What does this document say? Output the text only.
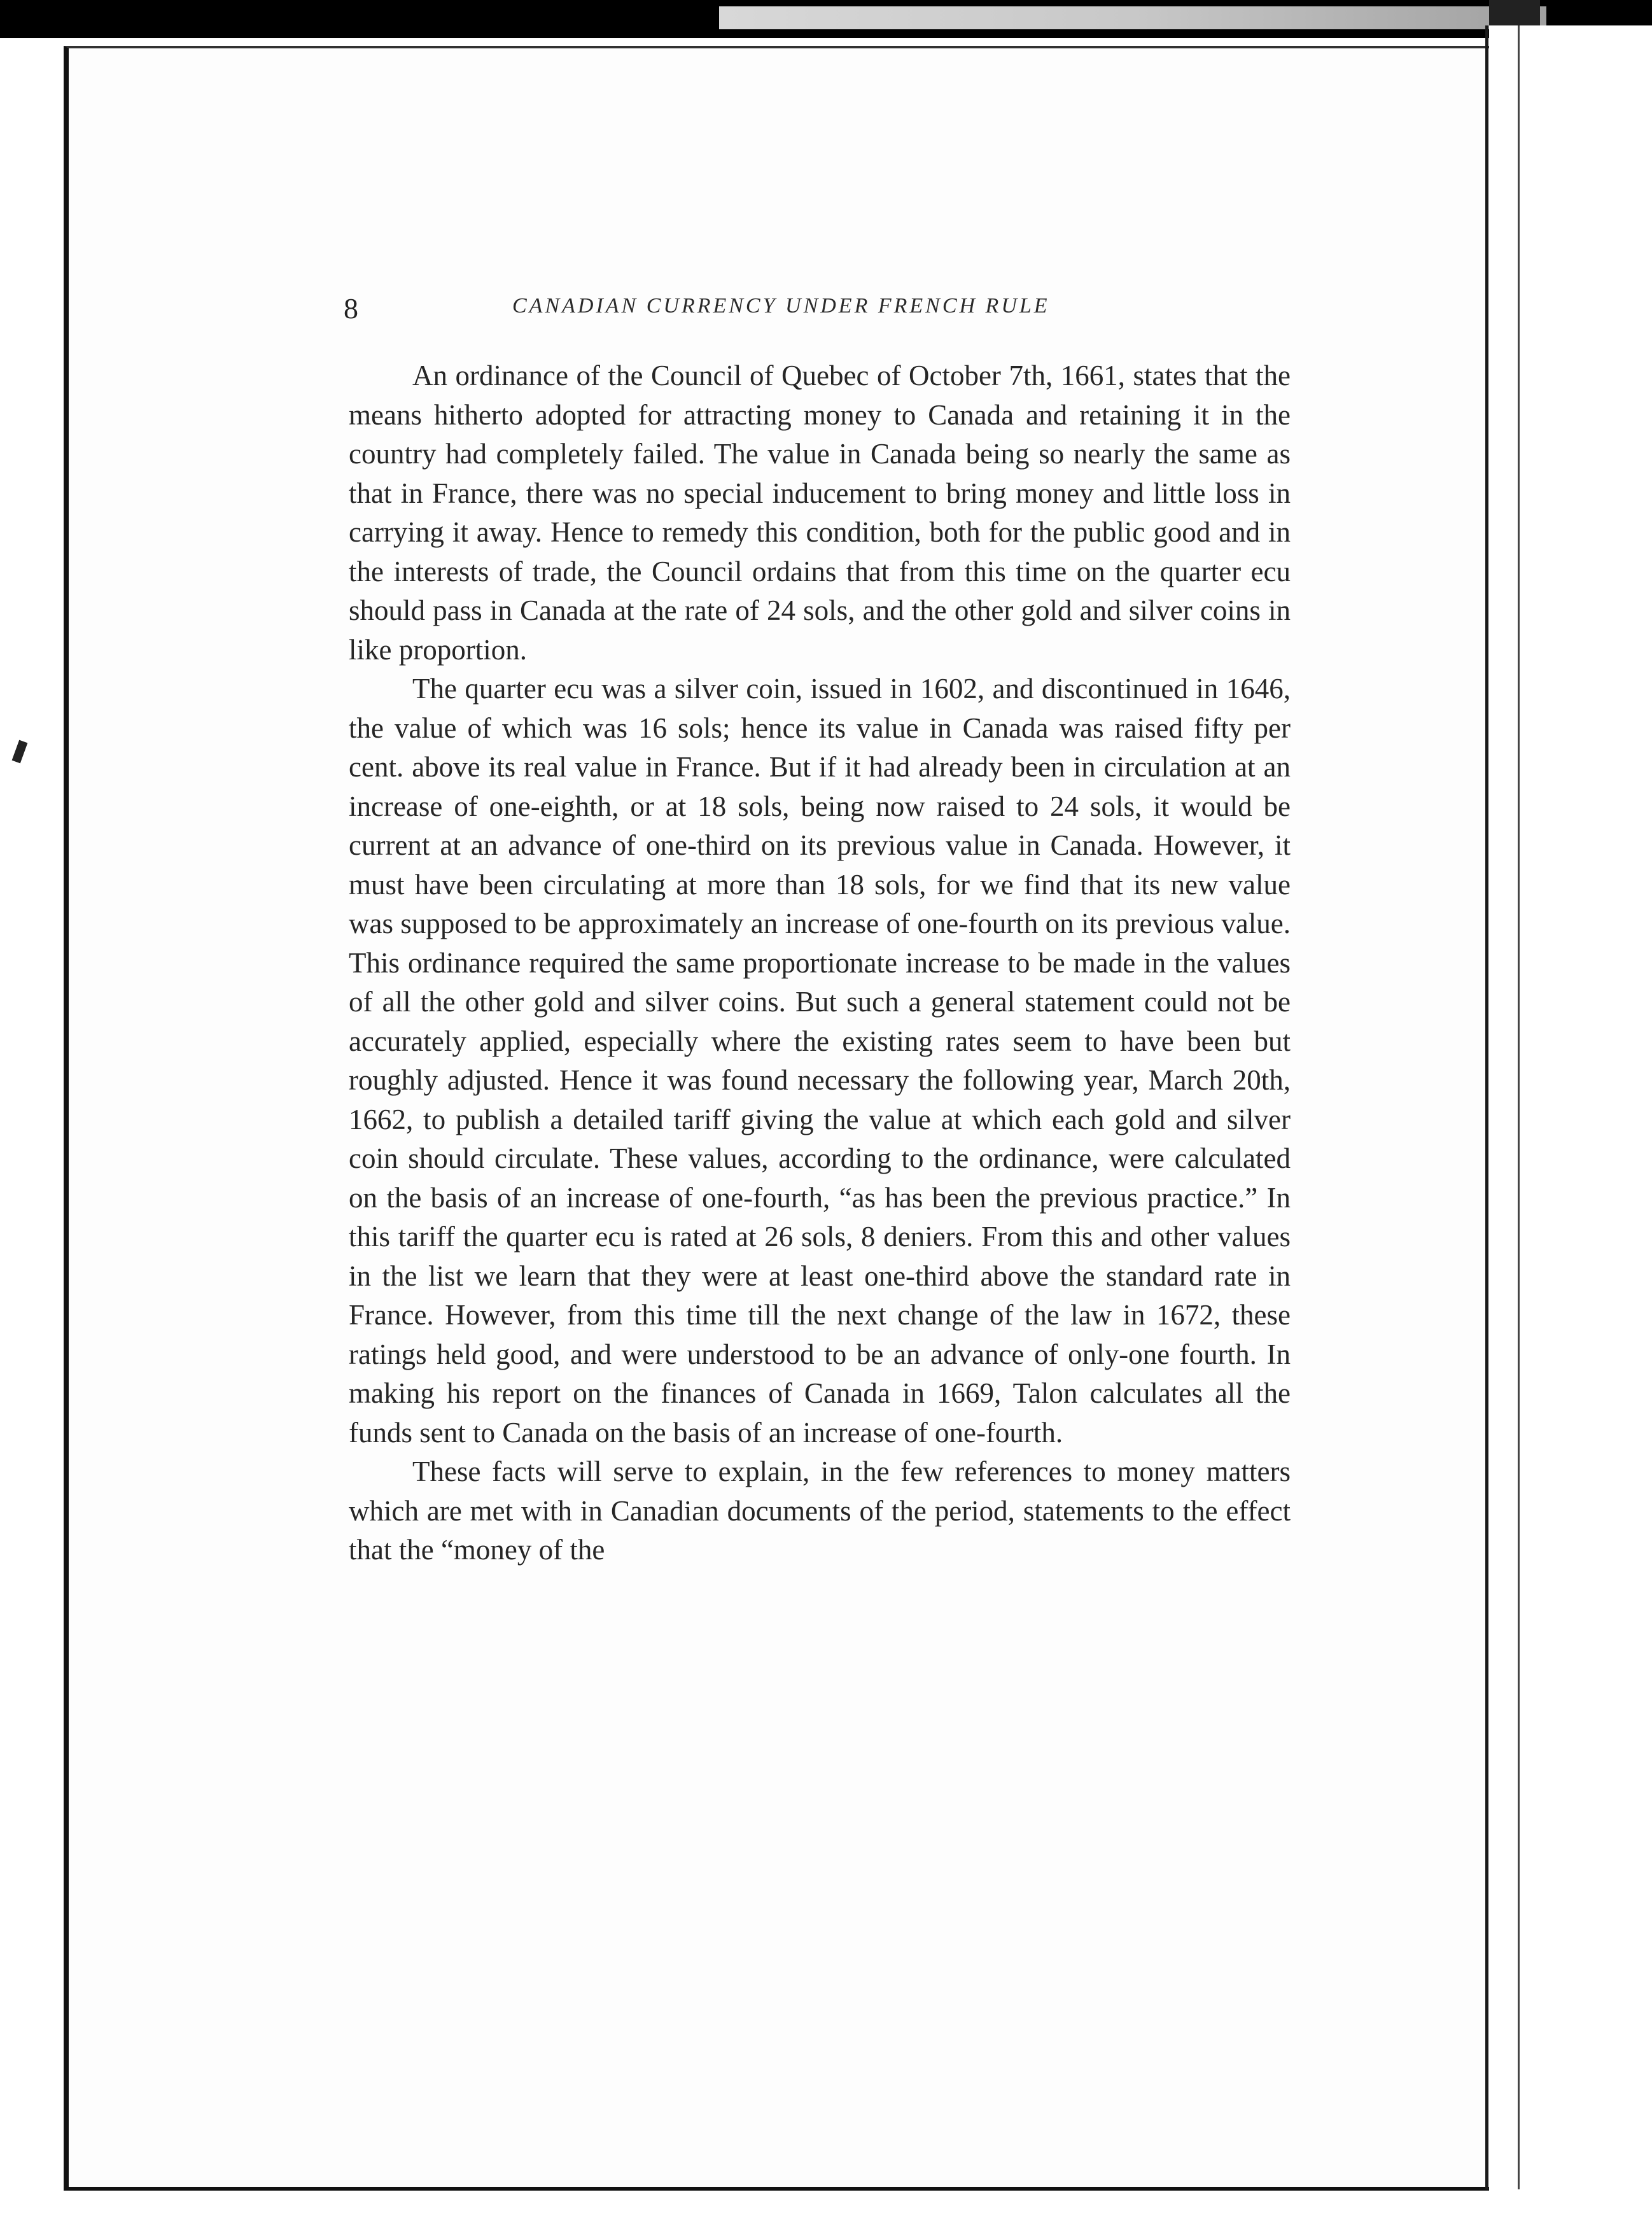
8	CANADIAN CURRENCY UNDER FRENCH RULE

An ordinance of the Council of Quebec of October 7th, 1661, states that the means hitherto adopted for attracting money to Canada and retaining it in the country had completely failed. The value in Canada being so nearly the same as that in France, there was no special inducement to bring money and little loss in carrying it away. Hence to remedy this condition, both for the public good and in the interests of trade, the Council ordains that from this time on the quarter ecu should pass in Canada at the rate of 24 sols, and the other gold and silver coins in like proportion.

The quarter ecu was a silver coin, issued in 1602, and discontinued in 1646, the value of which was 16 sols; hence its value in Canada was raised fifty per cent. above its real value in France. But if it had already been in circulation at an increase of one-eighth, or at 18 sols, being now raised to 24 sols, it would be current at an advance of one-third on its previous value in Canada. However, it must have been circulating at more than 18 sols, for we find that its new value was supposed to be approximately an increase of one-fourth on its previous value. This ordinance required the same proportionate increase to be made in the values of all the other gold and silver coins. But such a general statement could not be accurately applied, especially where the existing rates seem to have been but roughly adjusted. Hence it was found necessary the following year, March 20th, 1662, to publish a detailed tariff giving the value at which each gold and silver coin should circulate. These values, according to the ordinance, were calculated on the basis of an increase of one-fourth, “as has been the previous practice.” In this tariff the quarter ecu is rated at 26 sols, 8 deniers. From this and other values in the list we learn that they were at least one-third above the standard rate in France. However, from this time till the next change of the law in 1672, these ratings held good, and were understood to be an advance of only-one fourth. In making his report on the finances of Canada in 1669, Talon calculates all the funds sent to Canada on the basis of an increase of one-fourth.

These facts will serve to explain, in the few references to money matters which are met with in Canadian documents of the period, statements to the effect that the “money of the
